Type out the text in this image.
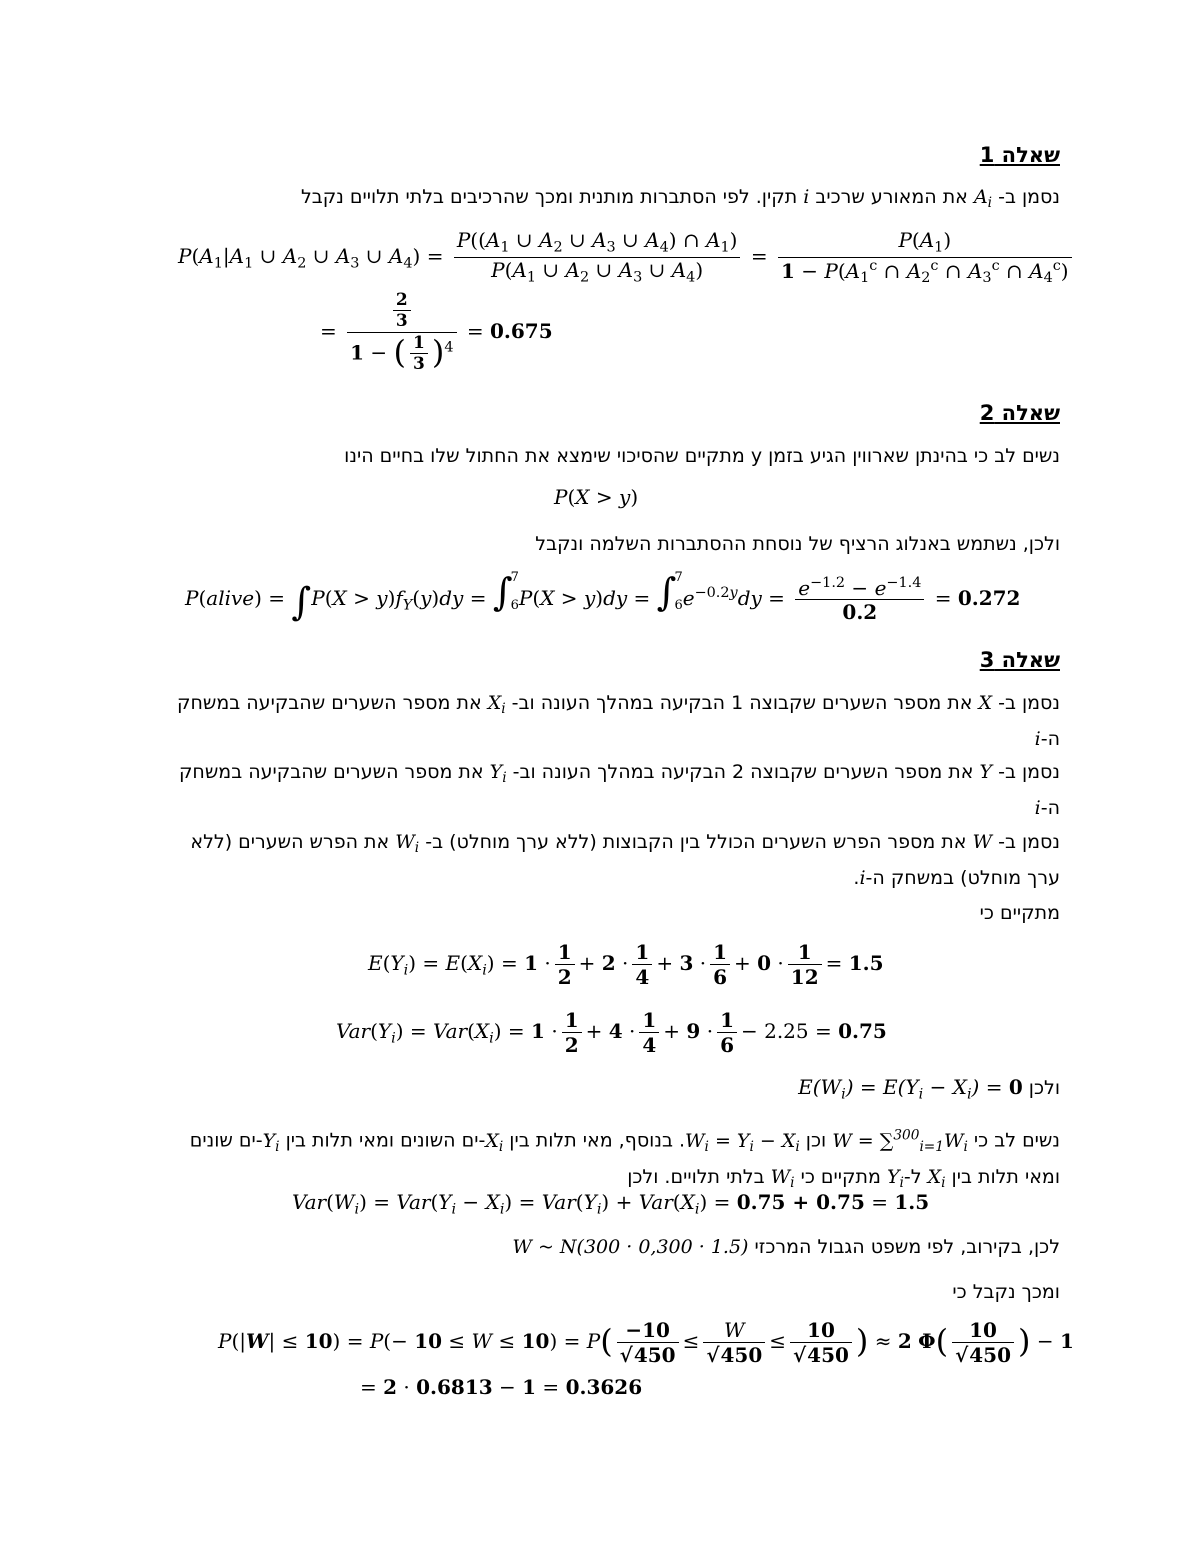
שאלה 1
נסמן ב- $A_i$ את המאורע שרכיב i תקין. לפי הסתברות מותנית ומכך שהרכיבים בלתי תלויים נקבל
$P(A_1|A_1$ ∪ $A_2$ ∪ $A_3$ ∪ $A_4) = \frac{P((A_1 \cup A_2 \cup A_3 \cup A_4) \cap A_1)}{P(A_1 \cup A_2 \cup A_3 \cup A_4)} = \frac{P(A_1)}{1 - P(A_1^c \cap A_2^c \cap A_3^c \cap A_4^c)}$
= $\frac{\frac{2}{3}}{1 - ( \frac{1}{3} )^4} = 0.675$
שאלה 2
נשים לב כי בהינתן שארווין הגיע בזמן y מתקיים שהסיכוי שימצא את החתול שלו בחיים הינו
P(X > y)
ולכן, נשתמש באנלוג הרציף של נוסחת ההסתברות השלמה ונקבל
P(alive) = $\int P(X > y)f_Y(y)dy$ = ∫
7

6 P(X > y)dy = ∫
7

6 $e^{-0.2y}dy = \frac{e^{-1.2} - e^{-1.4}}{0.2} = 0.272$
שאלה 3
נסמן ב- X את מספר השערים שקבוצה 1 הבקיעה במהלך העונה וב- $X_i$ את מספר השערים שהבקיעה במשחק ה-i
נסמן ב- Y את מספר השערים שקבוצה 2 הבקיעה במהלך העונה וב- $Y_i$ את מספר השערים שהבקיעה במשחק ה-i
נסמן ב- W את מספר הפרש השערים הכולל בין הקבוצות (ללא ערך מוחלט) ב- $W_i$ את הפרש השערים (ללא ערך מוחלט) במשחק ה-i.
מתקיים כי
$E(Y_i) = E(X_i) = 1 \cdot \frac{1}{2} + 2 \cdot \frac{1}{4} + 3 \cdot \frac{1}{6} + 0 \cdot \frac{1}{12} = 1.5$
$Var(Y_i) = Var(X_i) = 1 \cdot \frac{1}{2} + 4 \cdot \frac{1}{4} + 9 \cdot \frac{1}{6} - 2.25 = 0.75$
ולכן $E(W_i) = E(Y_i - X_i) = 0$
נשים לב כי $W = \sum^{300}_{i=1}W_i$ וכן $W_i = Y_i - X_i$. בנוסף, מאי תלות בין $X_i-ים$ השונים ומאי תלות בין $Y_i-ים$ שונים ומאי תלות בין $X_i$ $ל-Y_i$ מתקיים כי $W_i$ בלתי תלויים. ולכן
$Var(W_i) = Var(Y_i - X_i) = Var(Y_i) + Var(X_i) = 0.75 + 0.75 = 1.5$
לכן, בקירוב, לפי משפט הגבול המרכזי W ~ N(300 · 0,300 · 1.5)
ומכך נקבל כי
$P(|W| \le 10) = P(- 10 \le W \le 10) = P( \frac{-10}{√450} \le \frac{W}{√450} \le \frac{10}{√450}$ ) ≈ 2 $\Phi( \frac{10}{√450}$ ) − 1
= 2 · 0.6813 − 1 = 0.3626
